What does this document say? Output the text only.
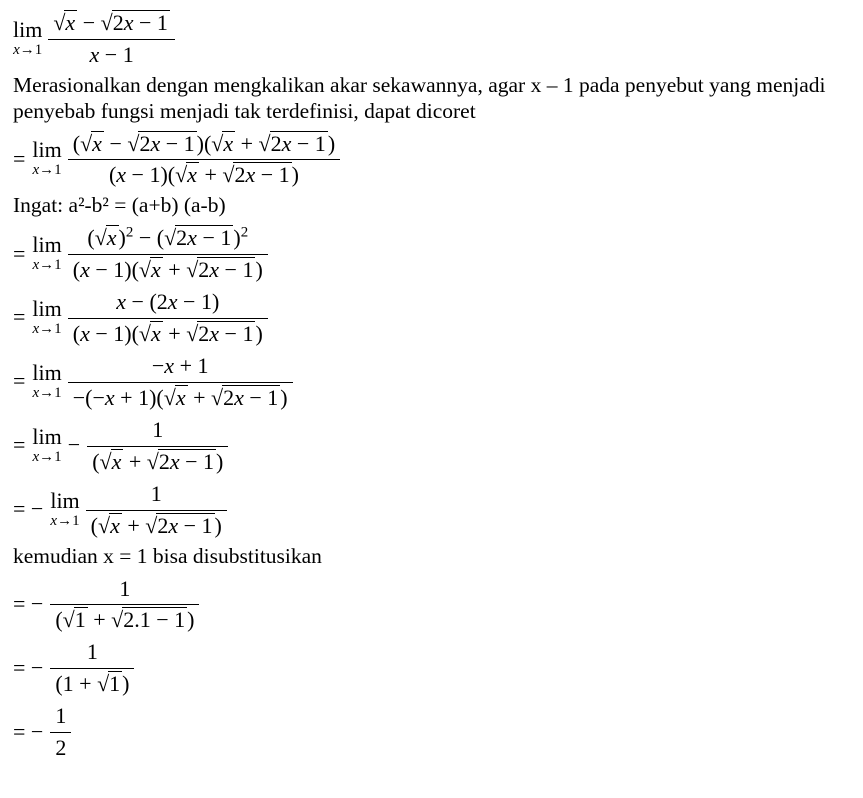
lim
$x\to 1 \frac{√x - √2x - 1}{x - 1}$
Merasionalkan dengan mengkalikan akar sekawannya, agar x – 1 pada penyebut yang menjadi penyebab fungsi menjadi tak terdefinisi, dapat dicoret
= lim
$x\to 1 \frac{(√x - √2x - 1)(√x + √2x - 1)}{(x - 1)(√x + √2x - 1)}$
Ingat: a²-b² = (a+b) (a-b)
= lim
$x\to 1 \frac{(√x)^2 - (√2x - 1)^2}{(x - 1)(√x + √2x - 1)}$
= lim
$x\to 1 \frac{x - (2x - 1)}{(x - 1)(√x + √2x - 1)}$
= lim
$x\to 1 \frac{-x + 1}{-(-x + 1)(√x + √2x - 1)}$
= lim
$x\to 1 - \frac{1}{(√x + √2x - 1)}$
= − lim
$x\to 1 \frac{1}{(√x + √2x - 1)}$
kemudian x = 1 bisa disubstitusikan
= − $\frac{1}{(√1 + √2.1 - 1)}$
= − $\frac{1}{(1 + √1)}$
= − $\frac{1}{2}$
